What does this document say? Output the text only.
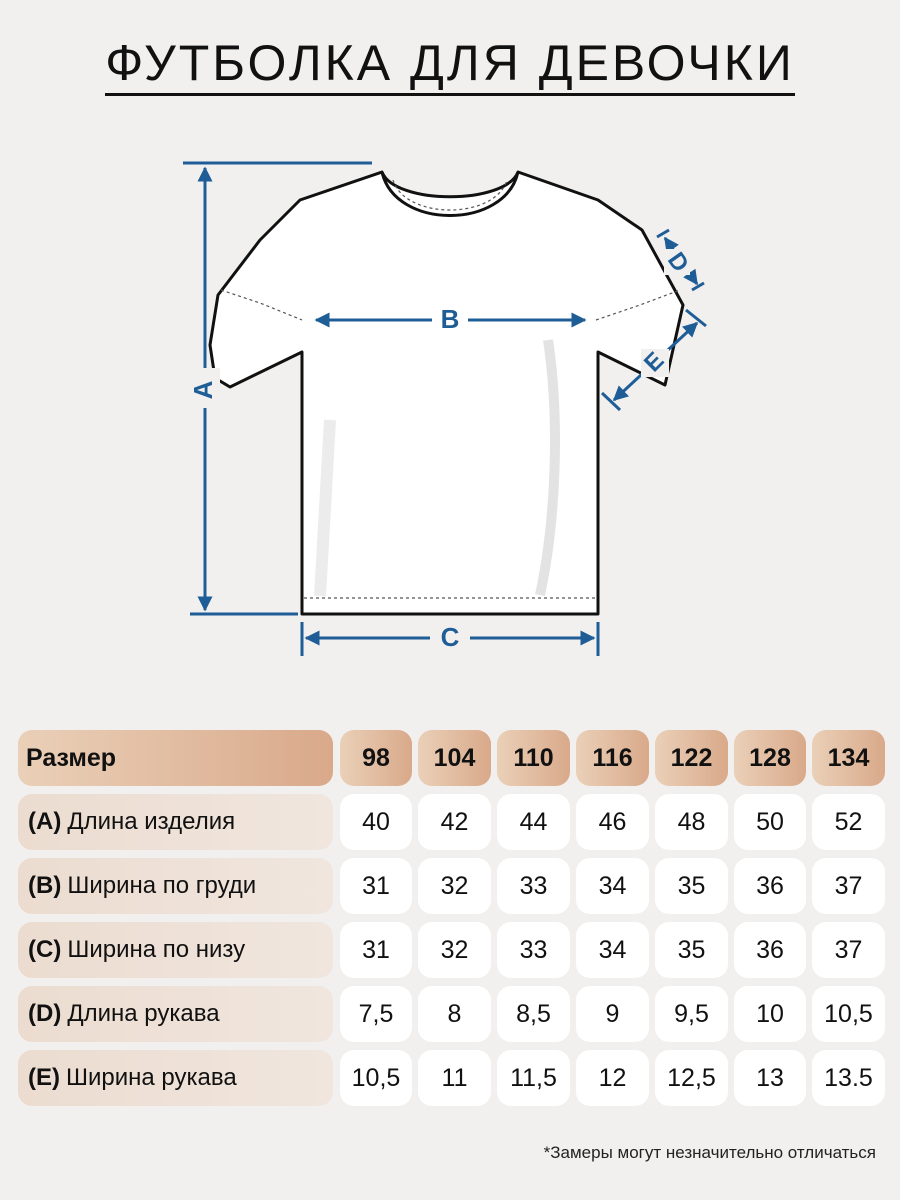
ФУТБОЛКА ДЛЯ ДЕВОЧКИ
A
B
C
D
E
Размер	98	104	110	116	122	128	134
(A) Длина изделия	40	42	44	46	48	50	52
(B) Ширина по груди	31	32	33	34	35	36	37
(C) Ширина по низу	31	32	33	34	35	36	37
(D) Длина рукава	7,5	8	8,5	9	9,5	10	10,5
(E) Ширина рукава	10,5	11	11,5	12	12,5	13	13.5
*Замеры могут незначительно отличаться
